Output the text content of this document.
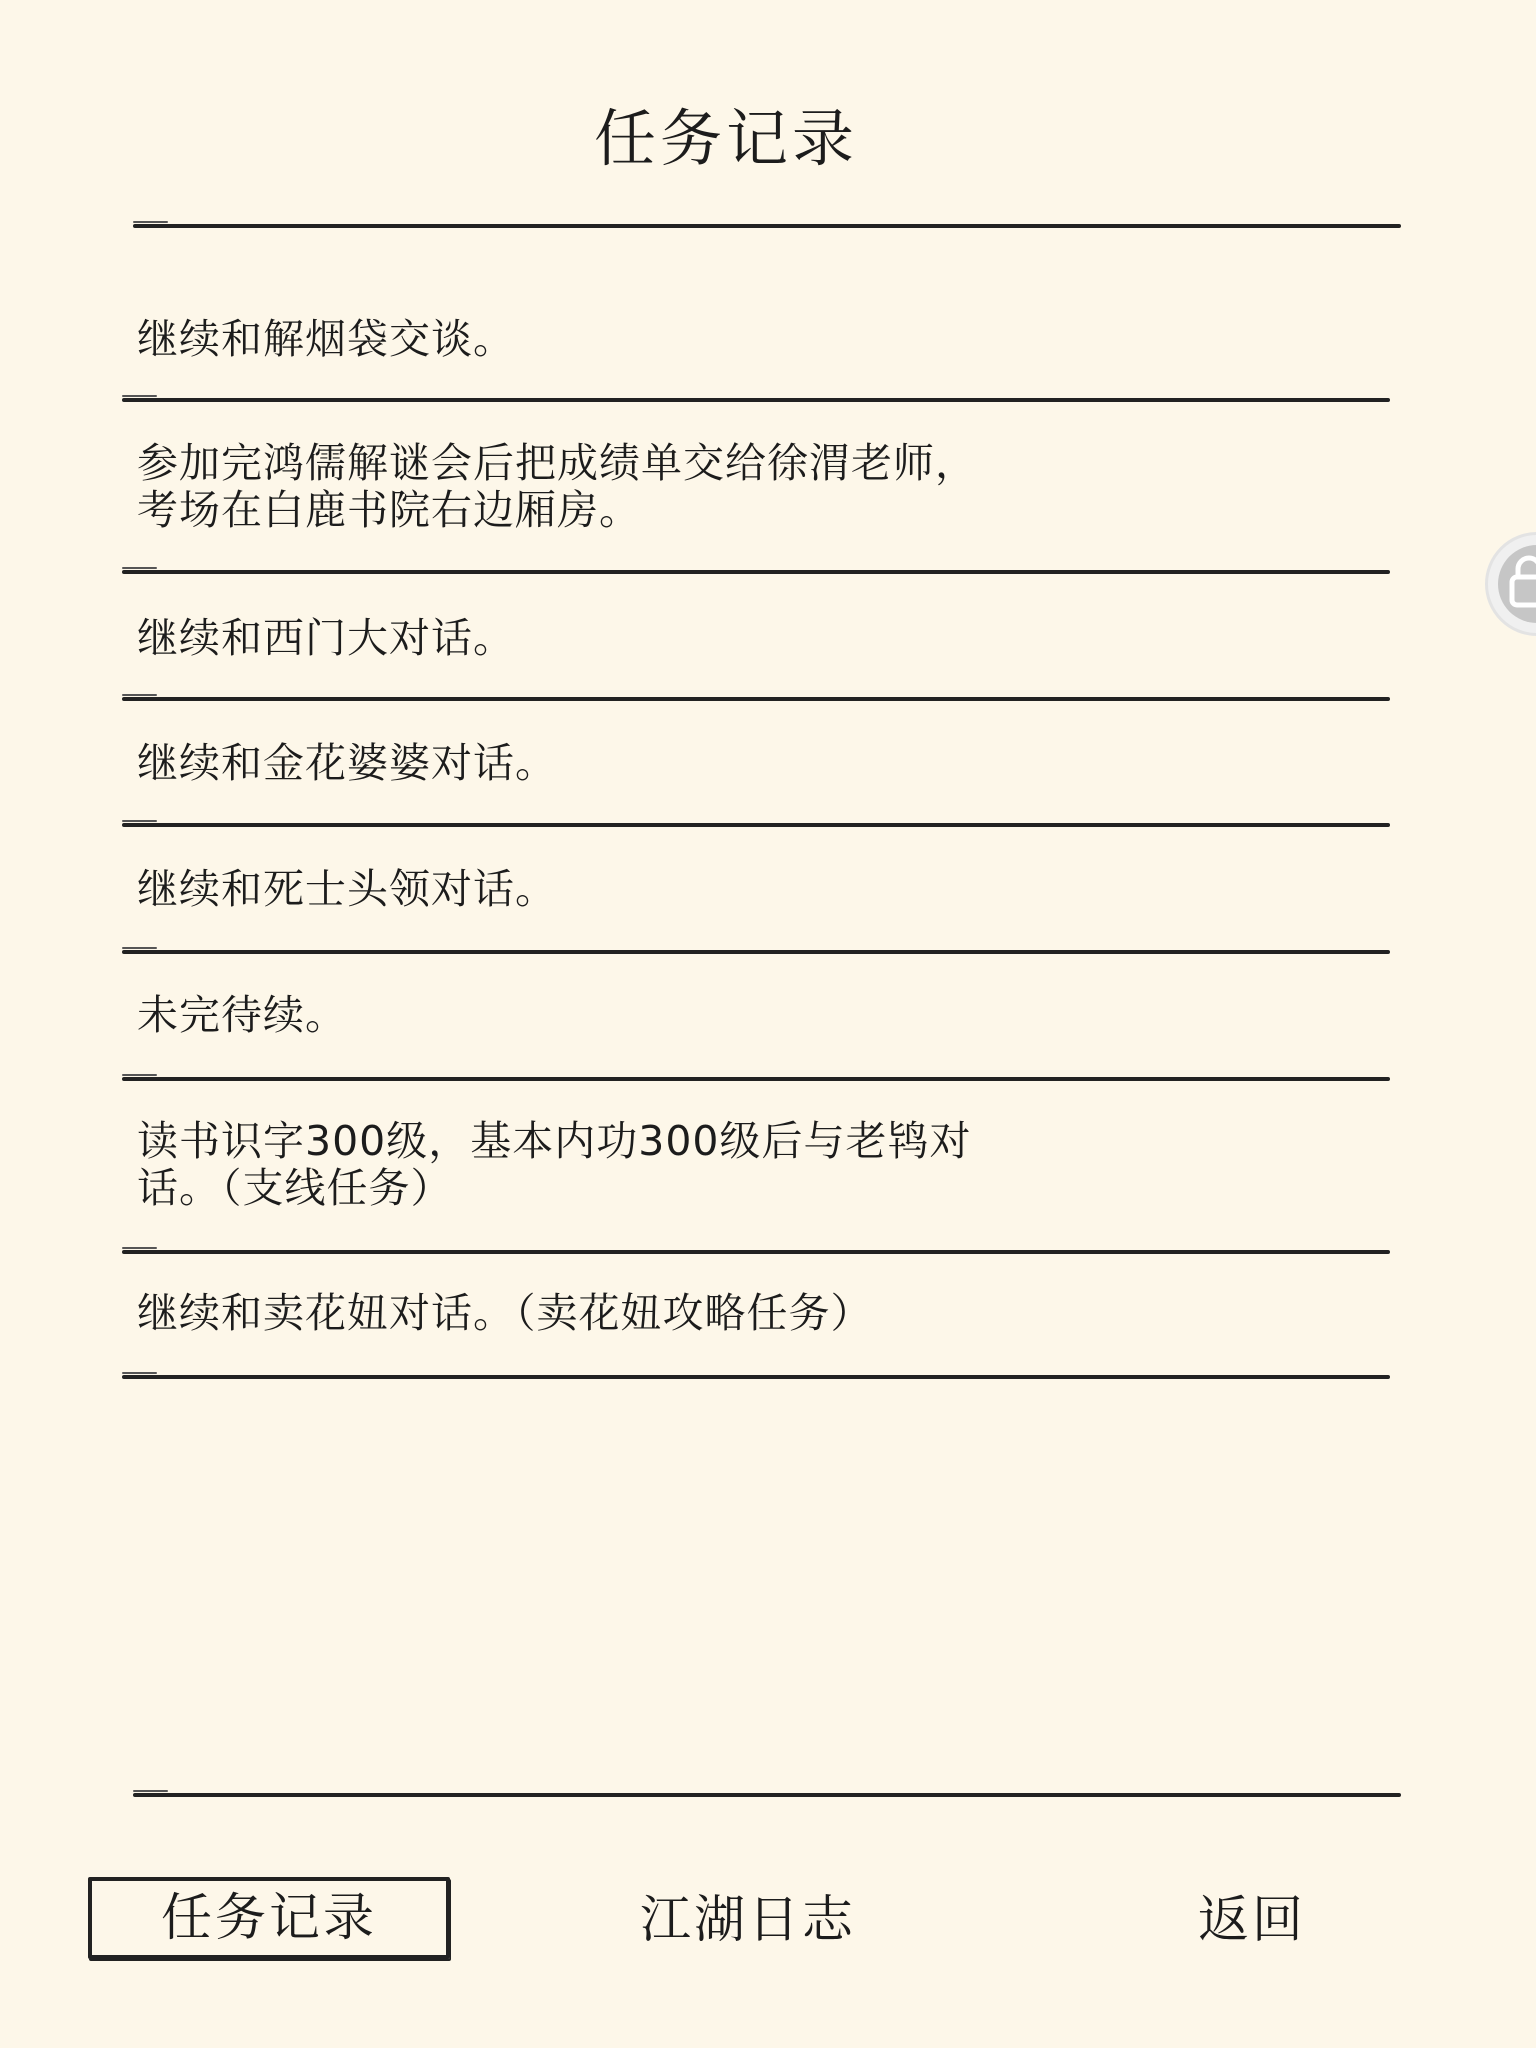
任务记录
继续和解烟袋交谈。
参加完鸿儒解谜会后把成绩单交给徐渭老师，
考场在白鹿书院右边厢房。
继续和西门大对话。
继续和金花婆婆对话。
继续和死士头领对话。
未完待续。
读书识字300级，基本内功300级后与老鸨对
话。（支线任务）
继续和卖花妞对话。（卖花妞攻略任务）
任务记录	江湖日志	返回
